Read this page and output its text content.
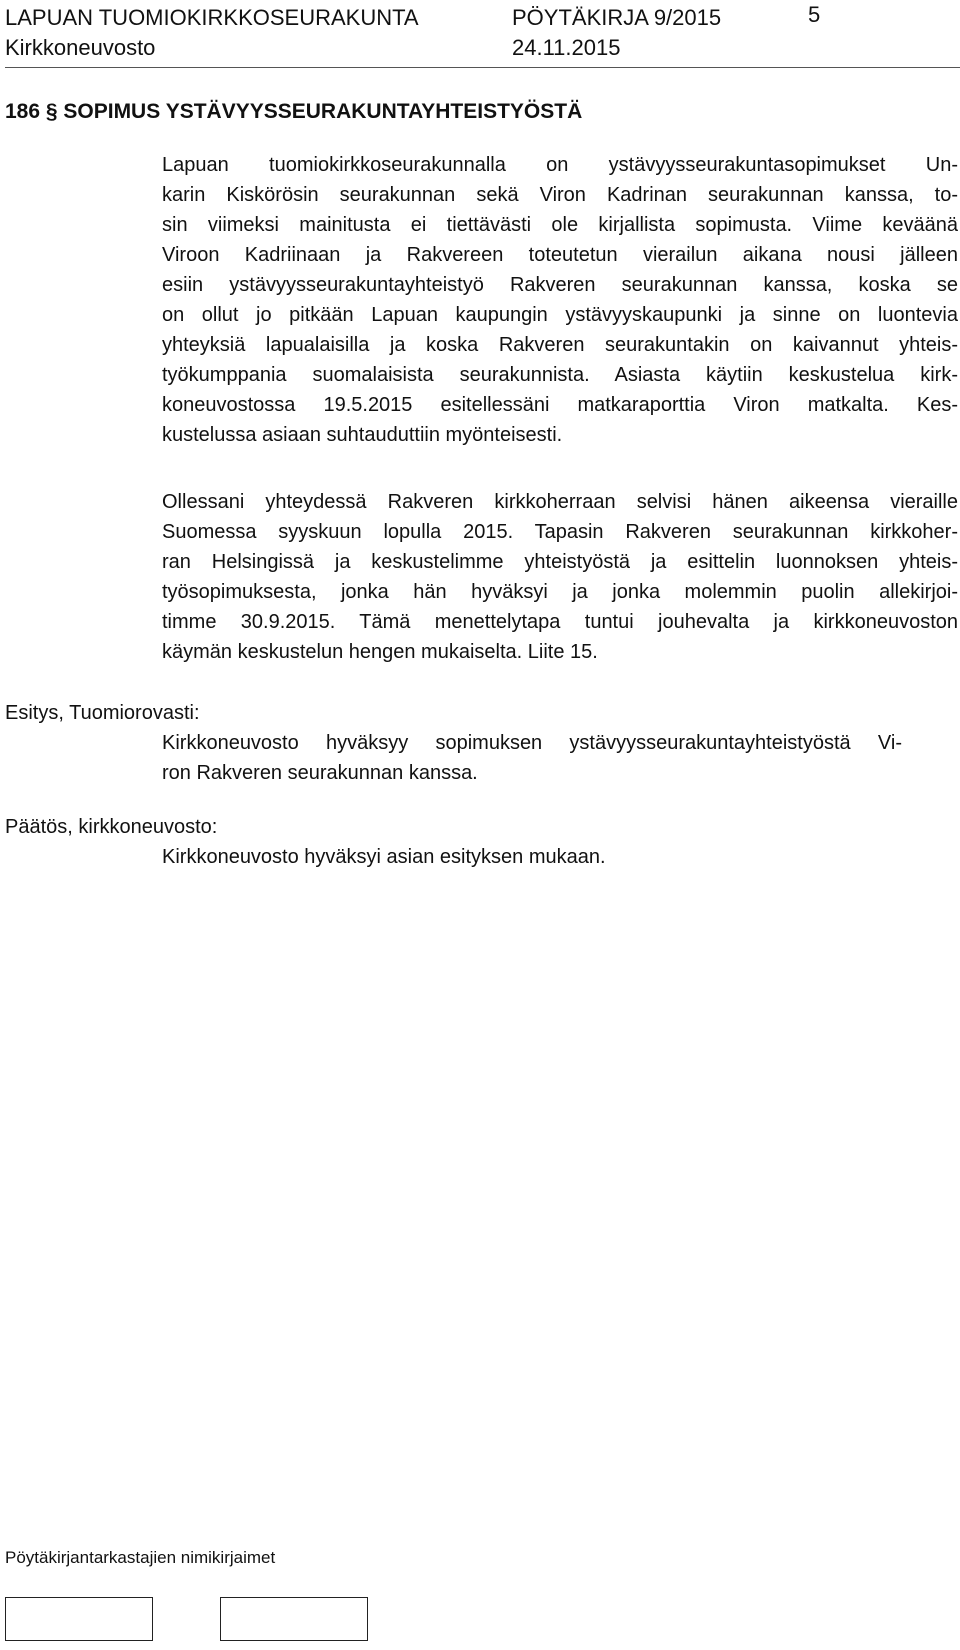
LAPUAN TUOMIOKIRKKOSEURAKUNTA	PÖYTÄKIRJA 9/2015	5
Kirkkoneuvosto	24.11.2015
186 § SOPIMUS YSTÄVYYSSEURAKUNTAYHTEISTYÖSTÄ
Lapuan tuomiokirkkoseurakunnalla on ystävyysseurakuntasopimukset Un-
karin Kiskörösin seurakunnan sekä Viron Kadrinan seurakunnan kanssa, to-
sin viimeksi mainitusta ei tiettävästi ole kirjallista sopimusta. Viime keväänä
Viroon Kadriinaan ja Rakvereen toteutetun vierailun aikana nousi jälleen
esiin ystävyysseurakuntayhteistyö Rakveren seurakunnan kanssa, koska se
on ollut jo pitkään Lapuan kaupungin ystävyyskaupunki ja sinne on luontevia
yhteyksiä lapualaisilla ja koska Rakveren seurakuntakin on kaivannut yhteis-
työkumppania suomalaisista seurakunnista. Asiasta käytiin keskustelua kirk-
koneuvostossa 19.5.2015 esitellessäni matkaraporttia Viron matkalta. Kes-
kustelussa asiaan suhtauduttiin myönteisesti.
Ollessani yhteydessä Rakveren kirkkoherraan selvisi hänen aikeensa vieraille
Suomessa syyskuun lopulla 2015. Tapasin Rakveren seurakunnan kirkkoher-
ran Helsingissä ja keskustelimme yhteistyöstä ja esittelin luonnoksen yhteis-
työsopimuksesta, jonka hän hyväksyi ja jonka molemmin puolin allekirjoi-
timme 30.9.2015. Tämä menettelytapa tuntui jouhevalta ja kirkkoneuvoston
käymän keskustelun hengen mukaiselta. Liite 15.
Esitys, Tuomiorovasti:
Kirkkoneuvosto hyväksyy sopimuksen ystävyysseurakuntayhteistyöstä Vi-
ron Rakveren seurakunnan kanssa.
Päätös, kirkkoneuvosto:
Kirkkoneuvosto hyväksyi asian esityksen mukaan.
Pöytäkirjantarkastajien nimikirjaimet
